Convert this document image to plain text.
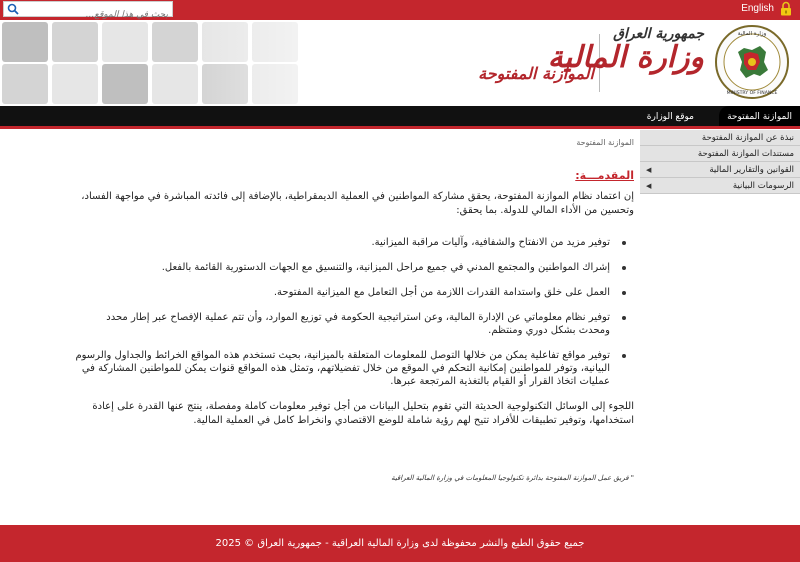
بحث في هذا الموقع...
English
الموازنة المفتوحة
جمهورية العراق
وزارة المالية
وزارة المالية
MINISTRY OF FINANCE
الموازنة المفتوحة
موقع الوزارة
نبذة عن الموازنة المفتوحة
مستندات الموازنة المفتوحة
القوانين والتقارير المالية
◀
الرسومات البيانية
◀
الموازنة المفتوحة
المقدمـــة:

إن اعتماد نظام الموازنة المفتوحة، يحقق مشاركة المواطنين في العملية الديمقراطية، بالإضافة إلى فائدته المباشرة في مواجهة الفساد، وتحسين من الأداء المالي للدولة. بما يحقق:

توفير مزيد من الانفتاح والشفافية، وآليات مراقبة الميزانية.
إشراك المواطنين والمجتمع المدني في جميع مراحل الميزانية، والتنسيق مع الجهات الدستورية القائمة بالفعل.
العمل على خلق واستدامة القدرات اللازمة من أجل التعامل مع الميزانية المفتوحة.
توفير نظام معلوماتي عن الإدارة المالية، وعن استراتيجية الحكومة في توزيع الموارد، وأن تتم عملية الإفصاح عبر إطار محدد ومحدث بشكل دوري ومنتظم.
توفير مواقع تفاعلية يمكن من خلالها التوصل للمعلومات المتعلقة بالميزانية، بحيث تستخدم هذه المواقع الخرائط والجداول والرسوم البيانية، وتوفر للمواطنين إمكانية التحكم في الموقع من خلال تفضيلاتهم، وتمثل هذه المواقع قنوات يمكن للمواطنين المشاركة في عمليات اتخاذ القرار أو القيام بالتغذية المرتجعة عبرها.

اللجوء إلى الوسائل التكنولوجية الحديثة التي تقوم بتحليل البيانات من أجل توفير معلومات كاملة ومفصلة، ينتج عنها القدرة على إعادة استخدامها، وتوفير تطبيقات للأفراد تتيح لهم رؤية شاملة للوضع الاقتصادي وانخراط كامل في العملية المالية.

" فريق عمل الموازنة المفتوحة بدائرة تكنولوجيا المعلومات في وزارة المالية العراقية

جميع حقوق الطبع والنشر محفوظة لدى وزارة المالية العراقية - جمهورية العراق © 2025
